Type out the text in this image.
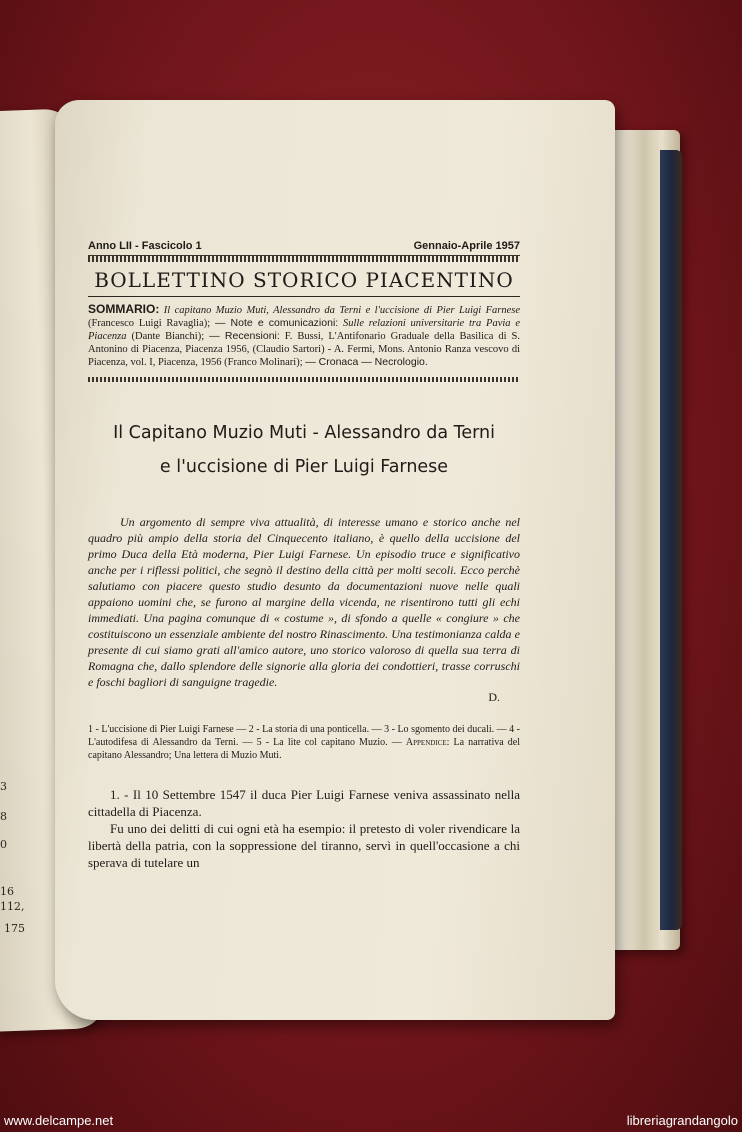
3
8
0
16
112,
175
Anno LII - Fascicolo 1	Gennaio-Aprile 1957
BOLLETTINO STORICO PIACENTINO
SOMMARIO: Il capitano Muzio Muti, Alessandro da Terni e l'uccisione di Pier Luigi Farnese (Francesco Luigi Ravaglia); — Note e comunicazioni: Sulle relazioni universitarie tra Pavia e Piacenza (Dante Bianchi); — Recensioni: F. Bussi, L'Antifonario Graduale della Basilica di S. Antonino di Piacenza, Piacenza 1956, (Claudio Sartori) - A. Fermi, Mons. Antonio Ranza vescovo di Piacenza, vol. I, Piacenza, 1956 (Franco Molinari); — Cronaca — Necrologio.
Il Capitano Muzio Muti - Alessandro da Terni
e l'uccisione di Pier Luigi Farnese
Un argomento di sempre viva attualità, di interesse umano e storico anche nel quadro più ampio della storia del Cinquecento italiano, è quello della uccisione del primo Duca della Età moderna, Pier Luigi Farnese. Un episodio truce e significativo anche per i riflessi politici, che segnò il destino della città per molti secoli. Ecco perchè salutiamo con piacere questo studio desunto da documentazioni nuove nelle quali appaiono uomini che, se furono al margine della vicenda, ne risentirono tutti gli echi immediati. Una pagina comunque di « costume », di sfondo a quelle « congiure » che costituiscono un essenziale ambiente del nostro Rinascimento. Una testimonianza calda e presente di cui siamo grati all'amico autore, uno storico valoroso di quella sua terra di Romagna che, dallo splendore delle signorie alla gloria dei condottieri, trasse corruschi e foschi bagliori di sanguigne tragedie.
D.
1 - L'uccisione di Pier Luigi Farnese — 2 - La storia di una ponticella. — 3 - Lo sgomento dei ducali. — 4 - L'autodifesa di Alessandro da Terni. — 5 - La lite col capitano Muzio. — Appendice: La narrativa del capitano Alessandro; Una lettera di Muzio Muti.

1. - Il 10 Settembre 1547 il duca Pier Luigi Farnese veniva assassinato nella cittadella di Piacenza.

Fu uno dei delitti di cui ogni età ha esempio: il pretesto di voler rivendicare la libertà della patria, con la soppressione del tiranno, servì in quell'occasione a chi sperava di tutelare un

www.delcampe.net	libreriagrandangolo
